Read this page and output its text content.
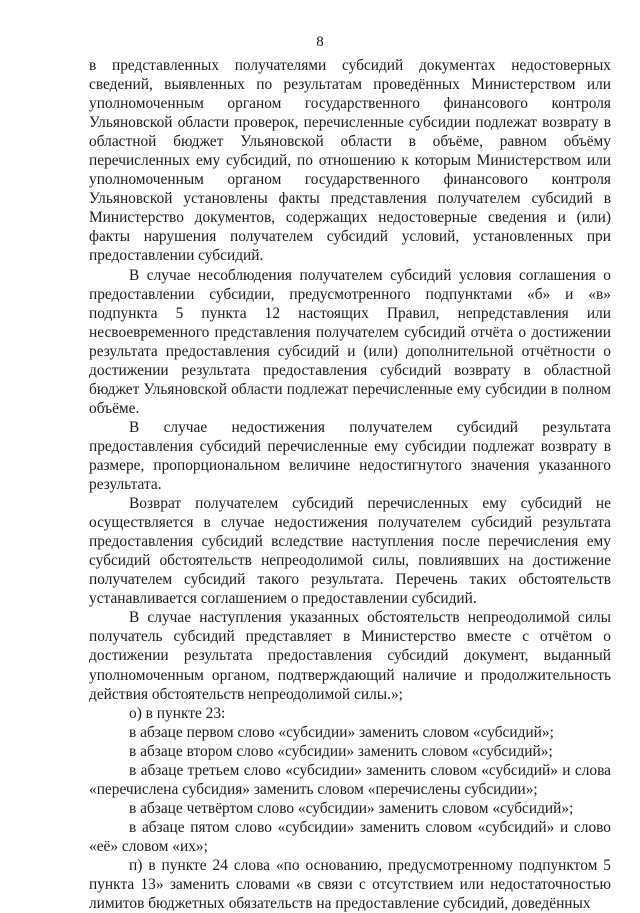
8

в представленных получателями субсидий документах недостоверных сведений, выявленных по результатам проведённых Министерством или уполномоченным органом государственного финансового контроля Ульяновской области проверок, перечисленные субсидии подлежат возврату в областной бюджет Ульяновской области в объёме, равном объёму перечисленных ему субсидий, по отношению к которым Министерством или уполномоченным органом государственного финансового контроля Ульяновской установлены факты представления получателем субсидий в Министерство документов, содержащих недостоверные сведения и (или) факты нарушения получателем субсидий условий, установленных при предоставлении субсидий.

В случае несоблюдения получателем субсидий условия соглашения о предоставлении субсидии, предусмотренного подпунктами «б» и «в» подпункта 5 пункта 12 настоящих Правил, непредставления или несвоевременного представления получателем субсидий отчёта о достижении результата предоставления субсидий и (или) дополнительной отчётности о достижении результата предоставления субсидий возврату в областной бюджет Ульяновской области подлежат перечисленные ему субсидии в полном объёме.

В случае недостижения получателем субсидий результата предоставления субсидий перечисленные ему субсидии подлежат возврату в размере, пропорциональном величине недостигнутого значения указанного результата.

Возврат получателем субсидий перечисленных ему субсидий не осуществляется в случае недостижения получателем субсидий результата предоставления субсидий вследствие наступления после перечисления ему субсидий обстоятельств непреодолимой силы, повлиявших на достижение получателем субсидий такого результата. Перечень таких обстоятельств устанавливается соглашением о предоставлении субсидий.

В случае наступления указанных обстоятельств непреодолимой силы получатель субсидий представляет в Министерство вместе с отчётом о достижении результата предоставления субсидий документ, выданный уполномоченным органом, подтверждающий наличие и продолжительность действия обстоятельств непреодолимой силы.»;

о) в пункте 23:

в абзаце первом слово «субсидии» заменить словом «субсидий»;

в абзаце втором слово «субсидии» заменить словом «субсидий»;

в абзаце третьем слово «субсидии» заменить словом «субсидий» и слова «перечислена субсидия» заменить словом «перечислены субсидии»;

в абзаце четвёртом слово «субсидии» заменить словом «субсидий»;

в абзаце пятом слово «субсидии» заменить словом «субсидий» и слово «её» словом «их»;

п) в пункте 24 слова «по основанию, предусмотренному подпунктом 5 пункта 13» заменить словами «в связи с отсутствием или недостаточностью лимитов бюджетных обязательств на предоставление субсидий, доведённых
